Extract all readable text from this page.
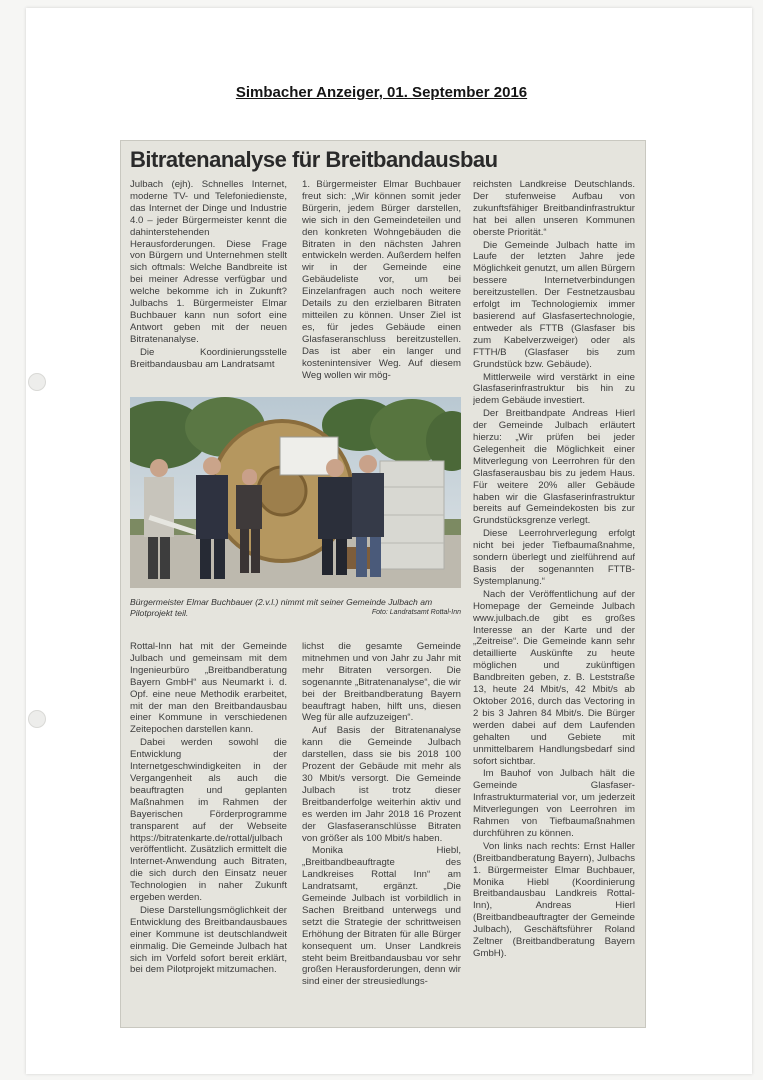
Simbacher Anzeiger, 01. September 2016
Bitratenanalyse für Breitbandausbau

Julbach (ejh). Schnelles Internet, moderne TV- und Telefoniedienste, das Internet der Dinge und Industrie 4.0 – jeder Bürgermeister kennt die dahinterstehenden Herausforderungen. Diese Frage von Bürgern und Unternehmen stellt sich oftmals: Welche Bandbreite ist bei meiner Adresse verfügbar und welche bekomme ich in Zukunft? Julbachs 1. Bürgermeister Elmar Buchbauer kann nun sofort eine Antwort geben mit der neuen Bitratenanalyse.

Die Koordinierungsstelle Breitbandausbau am Landratsamt

1. Bürgermeister Elmar Buchbauer freut sich: „Wir können somit jeder Bürgerin, jedem Bürger darstellen, wie sich in den Gemeindeteilen und den konkreten Wohngebäuden die Bitraten in den nächsten Jahren entwickeln werden. Außerdem helfen wir in der Gemeinde eine Gebäudeliste vor, um bei Einzelanfragen auch noch weitere Details zu den erzielbaren Bitraten mitteilen zu können. Unser Ziel ist es, für jedes Gebäude einen Glasfaseranschluss bereitzustellen. Das ist aber ein langer und kostenintensiver Weg. Auf diesem Weg wollen wir mög-

reichsten Landkreise Deutschlands. Der stufenweise Aufbau von zukunftsfähiger Breitbandinfrastruktur hat bei allen unseren Kommunen oberste Priorität.“

Die Gemeinde Julbach hatte im Laufe der letzten Jahre jede Möglichkeit genutzt, um allen Bürgern bessere Internetverbindungen bereitzustellen. Der Festnetzausbau erfolgt im Technologiemix immer basierend auf Glasfasertechnologie, entweder als FTTB (Glasfaser bis zum Kabelverzweiger) oder als FTTH/B (Glasfaser bis zum Grundstück bzw. Gebäude).

Mittlerweile wird verstärkt in eine Glasfaserinfrastruktur bis hin zu jedem Gebäude investiert.

Der Breitbandpate Andreas Hierl der Gemeinde Julbach erläutert hierzu: „Wir prüfen bei jeder Gelegenheit die Möglichkeit einer Mitverlegung von Leerrohren für den Glasfaserausbau bis zu jedem Haus. Für weitere 20% aller Gebäude haben wir die Glasfaserinfrastruktur bereits auf Gemeindekosten bis zur Grundstücksgrenze verlegt.

Diese Leerrohrverlegung erfolgt nicht bei jeder Tiefbaumaßnahme, sondern überlegt und zielführend auf Basis der sogenannten FTTB-Systemplanung.“

Nach der Veröffentlichung auf der Homepage der Gemeinde Julbach www.julbach.de gibt es großes Interesse an der Karte und der „Zeitreise“. Die Gemeinde kann sehr detaillierte Auskünfte zu heute möglichen und zukünftigen Bandbreiten geben, z. B. Leststraße 13, heute 24 Mbit/s, 42 Mbit/s ab Oktober 2016, durch das Vectoring in 2 bis 3 Jahren 84 Mbit/s. Die Bürger werden dabei auf dem Laufenden gehalten und Gebiete mit unmittelbarem Handlungsbedarf sind sofort sichtbar.

Im Bauhof von Julbach hält die Gemeinde Glasfaser-Infrastrukturmaterial vor, um jederzeit Mitverlegungen von Leerrohren im Rahmen von Tiefbaumaßnahmen durchführen zu können.

Von links nach rechts: Ernst Haller (Breitbandberatung Bayern), Julbachs 1. Bürgermeister Elmar Buchbauer, Monika Hiebl (Koordinierung Breitbandausbau Landkreis Rottal-Inn), Andreas Hierl (Breitbandbeauftragter der Gemeinde Julbach), Geschäftsführer Roland Zeltner (Breitbandberatung Bayern GmbH).

Bürgermeister Elmar Buchbauer (2.v.l.) nimmt mit seiner Gemeinde Julbach am Pilotprojekt teil.	Foto: Landratsamt Rottal-Inn

Rottal-Inn hat mit der Gemeinde Julbach und gemeinsam mit dem Ingenieurbüro „Breitbandberatung Bayern GmbH“ aus Neumarkt i. d. Opf. eine neue Methodik erarbeitet, mit der man den Breitbandausbau einer Kommune in verschiedenen Zeitepochen darstellen kann.

Dabei werden sowohl die Entwicklung der Internetgeschwindigkeiten in der Vergangenheit als auch die beauftragten und geplanten Maßnahmen im Rahmen der Bayerischen Förderprogramme transparent auf der Webseite https://bitratenkarte.de/rottal/julbach veröffentlicht. Zusätzlich ermittelt die Internet-Anwendung auch Bitraten, die sich durch den Einsatz neuer Technologien in naher Zukunft ergeben werden.

Diese Darstellungsmöglichkeit der Entwicklung des Breitbandausbaues einer Kommune ist deutschlandweit einmalig. Die Gemeinde Julbach hat sich im Vorfeld sofort bereit erklärt, bei dem Pilotprojekt mitzumachen.

lichst die gesamte Gemeinde mitnehmen und von Jahr zu Jahr mit mehr Bitraten versorgen. Die sogenannte „Bitratenanalyse“, die wir bei der Breitbandberatung Bayern beauftragt haben, hilft uns, diesen Weg für alle aufzuzeigen“.

Auf Basis der Bitratenanalyse kann die Gemeinde Julbach darstellen, dass sie bis 2018 100 Prozent der Gebäude mit mehr als 30 Mbit/s versorgt. Die Gemeinde Julbach ist trotz dieser Breitbanderfolge weiterhin aktiv und es werden im Jahr 2018 16 Prozent der Glasfaseranschlüsse Bitraten von größer als 100 Mbit/s haben.

Monika Hiebl, „Breitbandbeauftragte des Landkreises Rottal Inn“ am Landratsamt, ergänzt. „Die Gemeinde Julbach ist vorbildlich in Sachen Breitband unterwegs und setzt die Strategie der schrittweisen Erhöhung der Bitraten für alle Bürger konsequent um. Unser Landkreis steht beim Breitbandausbau vor sehr großen Herausforderungen, denn wir sind einer der streusiedlungs-
